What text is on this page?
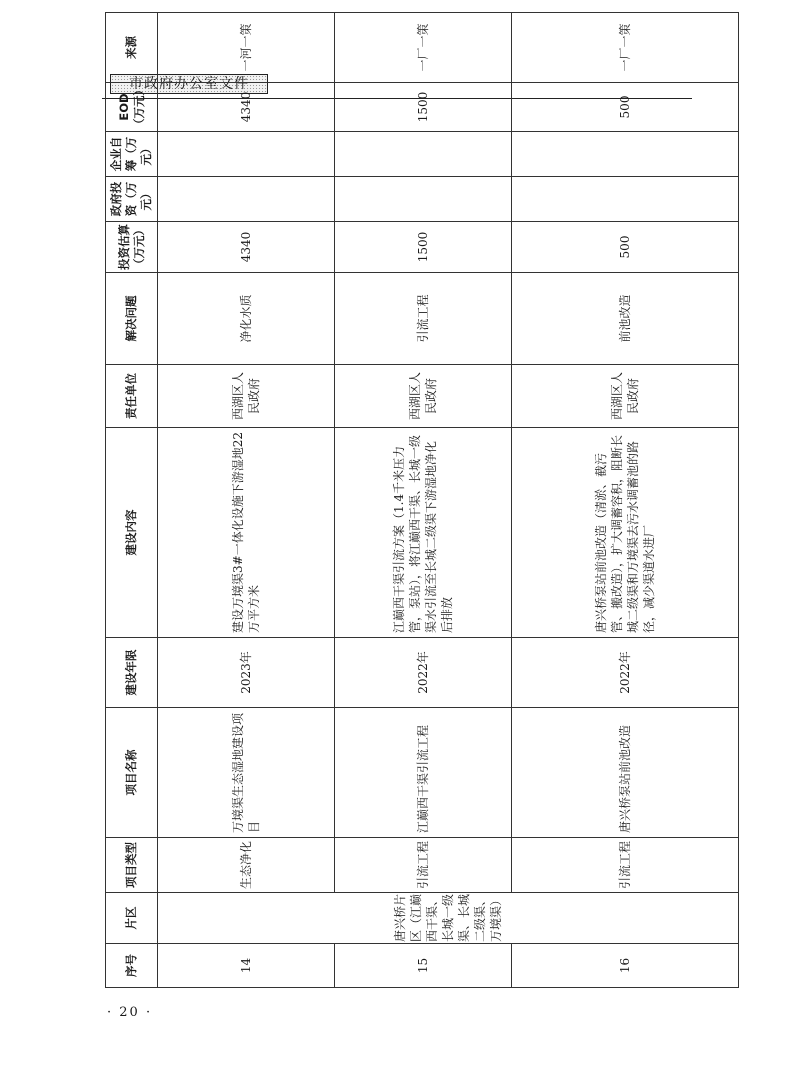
市政府办公室文件
序号	片区	项目类型	项目名称	建设年限	建设内容	责任单位	解决问题	投资估算（万元）	政府投资（万元）	企业自筹（万元）	EOD（万元）	来源
14	唐兴桥片区（江巅西干渠、长城一级渠、长城二级渠、万境渠）	生态净化	万境渠生态湿地建设项目	2023年	建设万境渠3#一体化设施下游湿地22万平方米	西湖区人民政府	净化水质	4340			4340	一河一策
15		引流工程	江巅西干渠引流工程	2022年	江巅西干渠引流方案（1.4千米压力管，泵站），将江巅西干渠、长城一级渠水引流至长城二级渠下游湿地净化后排放	西湖区人民政府	引流工程	1500			1500	一厂一策
16		引流工程	唐兴桥泵站前池改造	2022年	唐兴桥泵站前池改造（清淤、截污管、搬改造），扩大调蓄容积，阻断长城二级渠和万境渠去污水调蓄池的路径，减少渠道水进厂	西湖区人民政府	前池改造	500			500	一厂一策
· 20 ·
